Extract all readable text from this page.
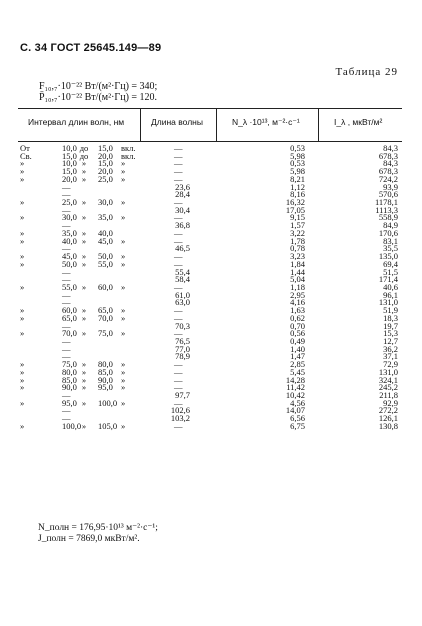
С. 34 ГОСТ 25645.149—89
Таблица 29
F₁₀,₇·10⁻²² Вт/(м²·Гц) = 340;
P̄₁₀,₇·10⁻²² Вт/(м²·Гц) = 120.
Интервал длин волн, нм	Длина волны	N_λ ·10¹³, м⁻²·с⁻¹	I_λ , мкВт/м²
От	10,0 до 15,0 вкл.	—	0,53	84,3
Св.	15,0 до 20,0 вкл.	—	5,98	678,3
»	10,0 »	15,0 »	—	0,53	84,3
»	15,0 »	20,0 »	—	5,98	678,3
»	20,0 »	25,0 »	—	8,21	724,2
—	23,6	1,12	93,9
—	28,4	8,16	570,6
»	25,0 »	30,0 »	—	16,32	1178,1
—	30,4	17,05	1113,3
»	30,0 »	35,0 »	—	9,15	558,9
—	36,8	1,57	84,9
»	35,0 »	40,0	—	3,22	170,6
»	40,0 »	45,0 »	—	1,78	83,1
—	46,5	0,78	35,5
»	45,0 »	50,0 »	—	3,23	135,0
»	50,0 »	55,0 »	—	1,84	69,4
—	55,4	1,44	51,5
—	58,4	5,04	171,4
»	55,0 »	60,0 »	—	1,18	40,6
—	61,0	2,95	96,1
—	63,0	4,16	131,0
»	60,0 »	65,0 »	—	1,63	51,9
»	65,0 »	70,0 »	—	0,62	18,3
—	70,3	0,70	19,7
»	70,0 »	75,0 »	—	0,56	15,3
—	76,5	0,49	12,7
—	77,0	1,40	36,2
—	78,9	1,47	37,1
»	75,0 »	80,0 »	—	2,85	72,9
»	80,0 »	85,0 »	—	5,45	131,0
»	85,0 »	90,0 »	—	14,28	324,1
»	90,0 »	95,0 »	—	11,42	245,2
—	97,7	10,42	211,8
»	95,0 »	100,0 »	—	4,56	92,9
—	102,6	14,07	272,2
—	103,2	6,56	126,1
»	100,0 »	105,0 »	—	6,75	130,8
N_полн = 176,95·10¹³ м⁻²·с⁻¹;
J_полн = 7869,0 мкВт/м².
